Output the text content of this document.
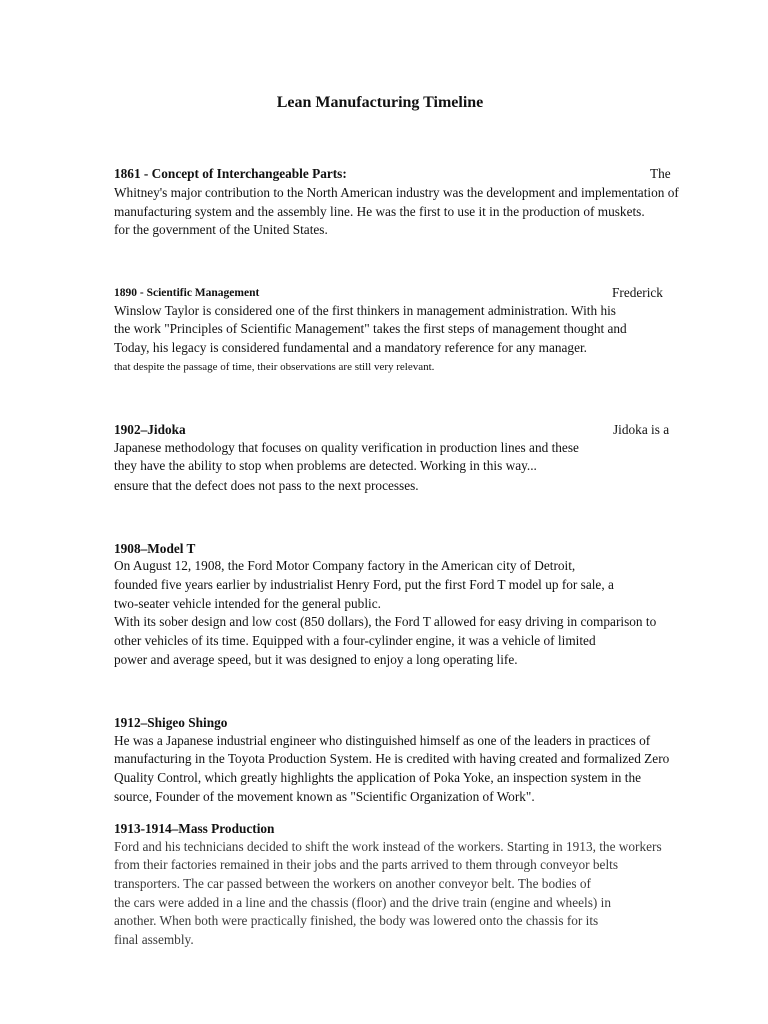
Lean Manufacturing Timeline
1861 - Concept of Interchangeable Parts:	The
Whitney's major contribution to the North American industry was the development and implementation of
manufacturing system and the assembly line. He was the first to use it in the production of muskets.
for the government of the United States.
1890 - Scientific Management	Frederick
Winslow Taylor is considered one of the first thinkers in management administration. With his
the work "Principles of Scientific Management" takes the first steps of management thought and
Today, his legacy is considered fundamental and a mandatory reference for any manager.
that despite the passage of time, their observations are still very relevant.
1902–Jidoka	Jidoka is a
Japanese methodology that focuses on quality verification in production lines and these
they have the ability to stop when problems are detected. Working in this way...
ensure that the defect does not pass to the next processes.
1908–Model T
On August 12, 1908, the Ford Motor Company factory in the American city of Detroit,
founded five years earlier by industrialist Henry Ford, put the first Ford T model up for sale, a
two-seater vehicle intended for the general public.
With its sober design and low cost (850 dollars), the Ford T allowed for easy driving in comparison to
other vehicles of its time. Equipped with a four-cylinder engine, it was a vehicle of limited
power and average speed, but it was designed to enjoy a long operating life.
1912–Shigeo Shingo
He was a Japanese industrial engineer who distinguished himself as one of the leaders in practices of
manufacturing in the Toyota Production System. He is credited with having created and formalized Zero
Quality Control, which greatly highlights the application of Poka Yoke, an inspection system in the
source, Founder of the movement known as "Scientific Organization of Work".
1913-1914–Mass Production
Ford and his technicians decided to shift the work instead of the workers. Starting in 1913, the workers
from their factories remained in their jobs and the parts arrived to them through conveyor belts
transporters. The car passed between the workers on another conveyor belt. The bodies of
the cars were added in a line and the chassis (floor) and the drive train (engine and wheels) in
another. When both were practically finished, the body was lowered onto the chassis for its
final assembly.
